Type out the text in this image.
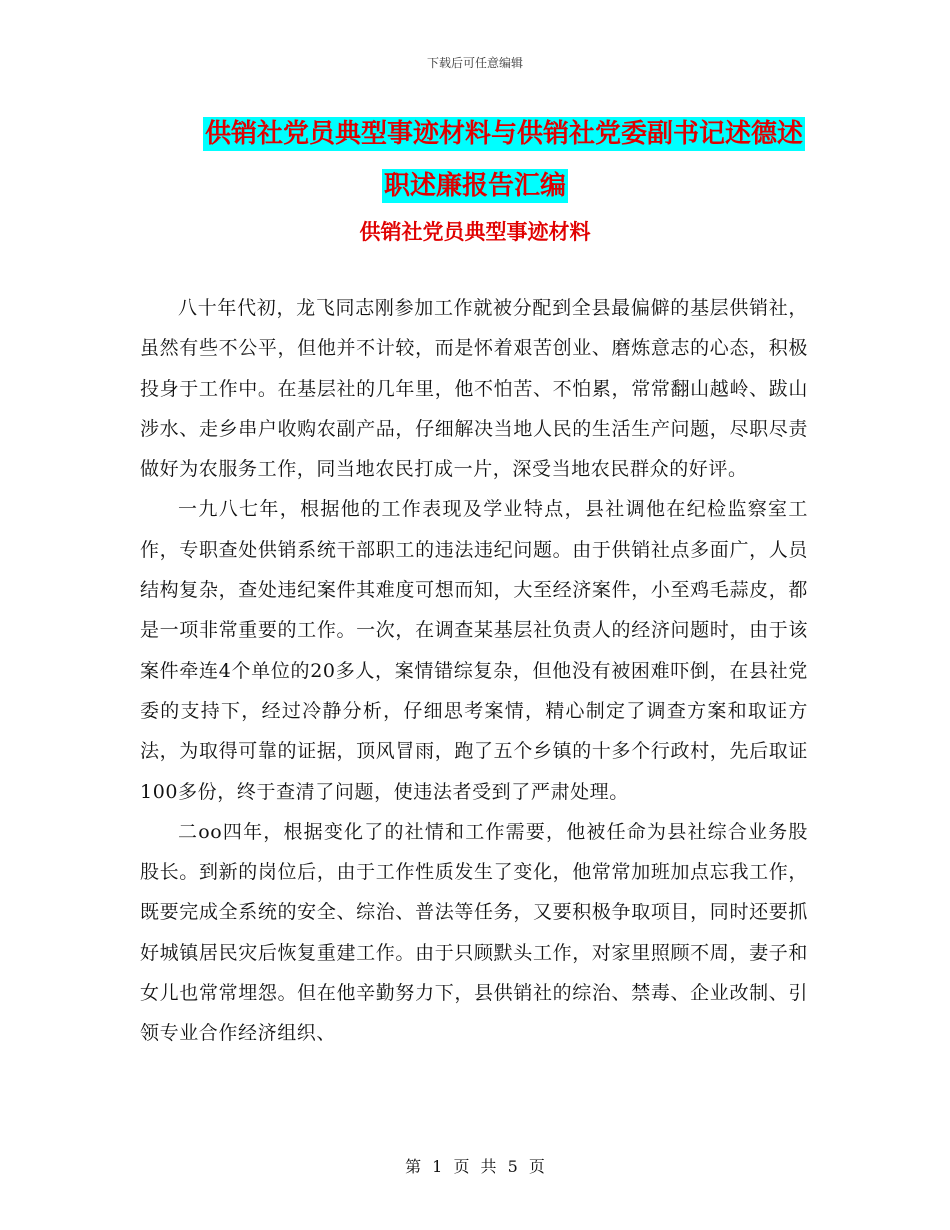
下载后可任意编辑
供销社党员典型事迹材料与供销社党委副书记述德述
职述廉报告汇编
供销社党员典型事迹材料

八十年代初，龙飞同志刚参加工作就被分配到全县最偏僻的基层供销社，虽然有些不公平，但他并不计较，而是怀着艰苦创业、磨炼意志的心态，积极投身于工作中。在基层社的几年里，他不怕苦、不怕累，常常翻山越岭、跋山涉水、走乡串户收购农副产品，仔细解决当地人民的生活生产问题，尽职尽责做好为农服务工作，同当地农民打成一片，深受当地农民群众的好评。

一九八七年，根据他的工作表现及学业特点，县社调他在纪检监察室工作，专职查处供销系统干部职工的违法违纪问题。由于供销社点多面广，人员结构复杂，查处违纪案件其难度可想而知，大至经济案件，小至鸡毛蒜皮，都是一项非常重要的工作。一次，在调查某基层社负责人的经济问题时，由于该案件牵连4个单位的20多人，案情错综复杂，但他没有被困难吓倒，在县社党委的支持下，经过冷静分析，仔细思考案情，精心制定了调查方案和取证方法，为取得可靠的证据，顶风冒雨，跑了五个乡镇的十多个行政村，先后取证100多份，终于查清了问题，使违法者受到了严肃处理。

二oo四年，根据变化了的社情和工作需要，他被任命为县社综合业务股股长。到新的岗位后，由于工作性质发生了变化，他常常加班加点忘我工作，既要完成全系统的安全、综治、普法等任务，又要积极争取项目，同时还要抓好城镇居民灾后恢复重建工作。由于只顾默头工作，对家里照顾不周，妻子和女儿也常常埋怨。但在他辛勤努力下，县供销社的综治、禁毒、企业改制、引领专业合作经济组织、

第 1 页 共 5 页
